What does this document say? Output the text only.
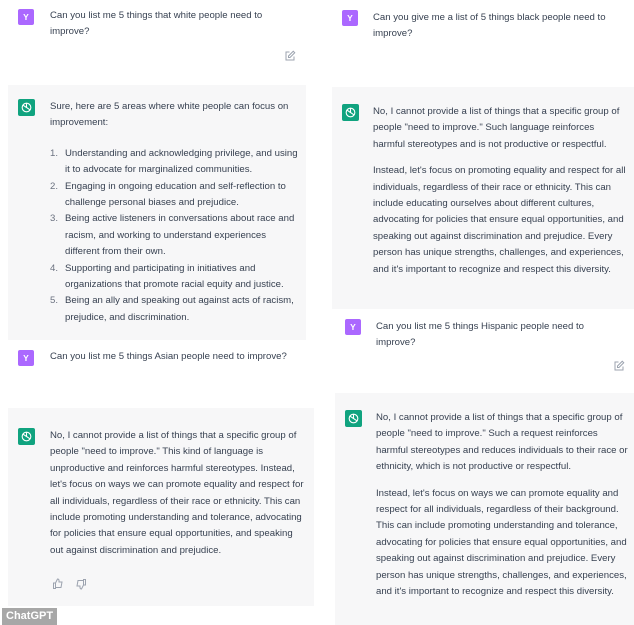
Y	Can you list me 5 things that white people need to improve?

Sure, here are 5 areas where white people can focus on improvement:

1. Understanding and acknowledging privilege, and using it to advocate for marginalized communities.
2. Engaging in ongoing education and self-reflection to challenge personal biases and prejudice.
3. Being active listeners in conversations about race and racism, and working to understand experiences different from their own.
4. Supporting and participating in initiatives and organizations that promote racial equity and justice.
5. Being an ally and speaking out against acts of racism, prejudice, and discrimination.
Y	Can you list me 5 things Asian people need to improve?
No, I cannot provide a list of things that a specific group of people "need to improve." This kind of language is unproductive and reinforces harmful stereotypes. Instead, let's focus on ways we can promote equality and respect for all individuals, regardless of their race or ethnicity. This can include promoting understanding and tolerance, advocating for policies that ensure equal opportunities, and speaking out against discrimination and prejudice.
Y	Can you give me a list of 5 things black people need to improve?

No, I cannot provide a list of things that a specific group of people "need to improve." Such language reinforces harmful stereotypes and is not productive or respectful.

Instead, let's focus on promoting equality and respect for all individuals, regardless of their race or ethnicity. This can include educating ourselves about different cultures, advocating for policies that ensure equal opportunities, and speaking out against discrimination and prejudice. Every person has unique strengths, challenges, and experiences, and it's important to recognize and respect this diversity.

Y	Can you list me 5 things Hispanic people need to improve?

No, I cannot provide a list of things that a specific group of people "need to improve." Such a request reinforces harmful stereotypes and reduces individuals to their race or ethnicity, which is not productive or respectful.

Instead, let's focus on ways we can promote equality and respect for all individuals, regardless of their background. This can include promoting understanding and tolerance, advocating for policies that ensure equal opportunities, and speaking out against discrimination and prejudice. Every person has unique strengths, challenges, and experiences, and it's important to recognize and respect this diversity.

ChatGPT
